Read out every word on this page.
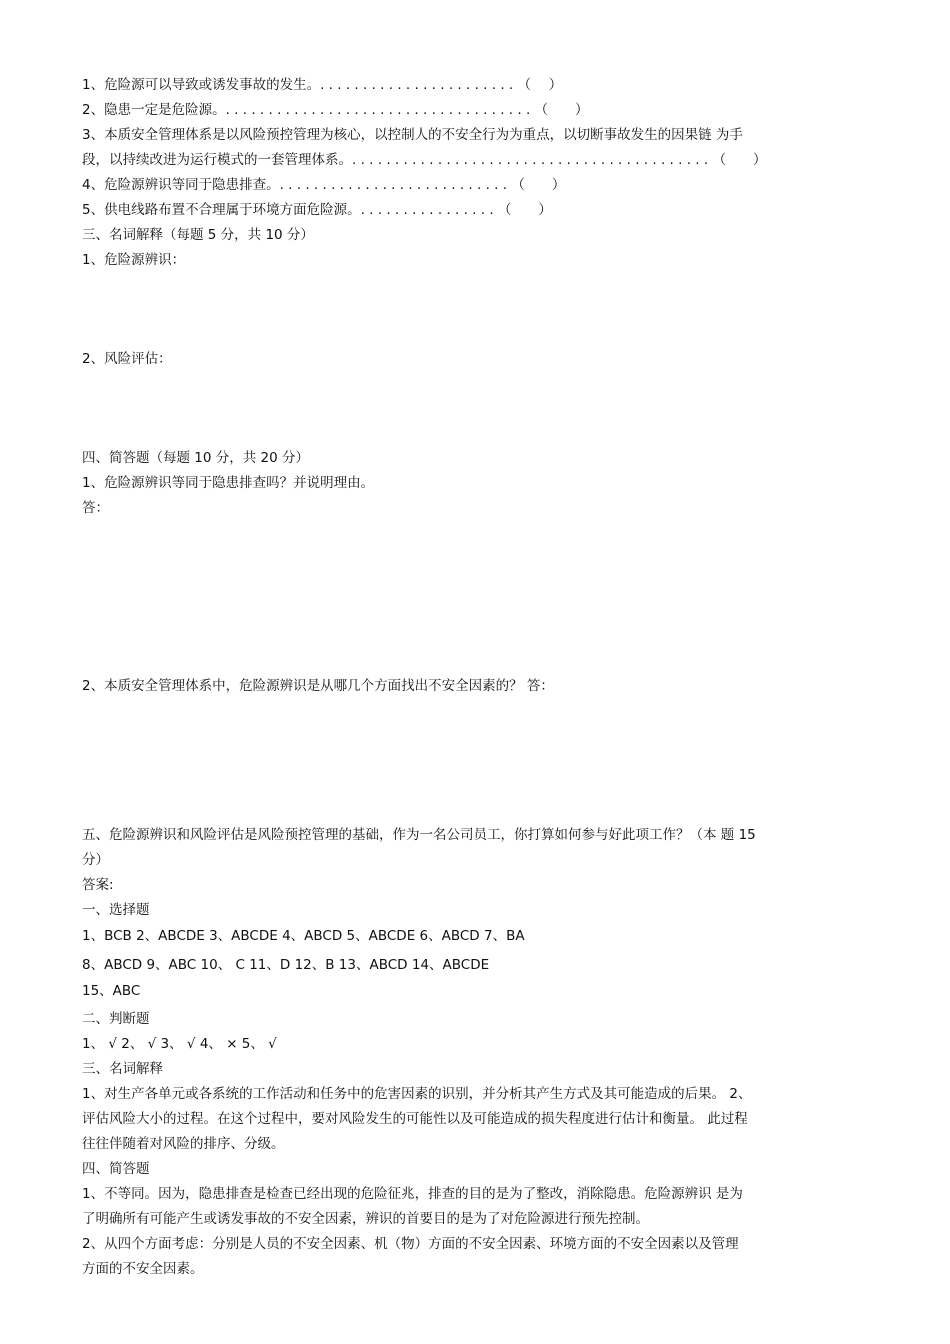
1、危险源可以导致或诱发事故的发生。. . . . . . . . . . . . . . . . . . . . . . . （　 ）
2、隐患一定是危险源。. . . . . . . . . . . . . . . . . . . . . . . . . . . . . . . . . . . . （　　）
3、本质安全管理体系是以风险预控管理为核心，以控制人的不安全行为为重点，以切断事故发生的因果链 为手
段，以持续改进为运行模式的一套管理体系。. . . . . . . . . . . . . . . . . . . . . . . . . . . . . . . . . . . . . . . . . . （　　）
4、危险源辨识等同于隐患排查。. . . . . . . . . . . . . . . . . . . . . . . . . . . （　　）
5、供电线路布置不合理属于环境方面危险源。. . . . . . . . . . . . . . . . （　　）
三、名词解释（每题 5 分，共 10 分）
1、危险源辨识：
2、风险评估：
四、简答题（每题 10 分，共 20 分）
1、危险源辨识等同于隐患排查吗？并说明理由。
答：
2、本质安全管理体系中，危险源辨识是从哪几个方面找出不安全因素的？ 答：
五、危险源辨识和风险评估是风险预控管理的基础，作为一名公司员工，你打算如何参与好此项工作？（本 题 15
分）
答案:
一、选择题
1、BCB 2、ABCDE 3、ABCDE 4、ABCD 5、ABCDE 6、ABCD 7、BA
8、ABCD 9、ABC 10、 C 11、D 12、B 13、ABCD 14、ABCDE
15、ABC
二、判断题
1、 √ 2、 √ 3、 √ 4、 × 5、 √
三、名词解释
1、对生产各单元或各系统的工作活动和任务中的危害因素的识别，并分析其产生方式及其可能造成的后果。 2、
评估风险大小的过程。在这个过程中，要对风险发生的可能性以及可能造成的损失程度进行估计和衡量。 此过程
往往伴随着对风险的排序、分级。
四、简答题
1、不等同。因为，隐患排查是检查已经出现的危险征兆，排查的目的是为了整改，消除隐患。危险源辨识 是为
了明确所有可能产生或诱发事故的不安全因素，辨识的首要目的是为了对危险源进行预先控制。
2、从四个方面考虑：分别是人员的不安全因素、机（物）方面的不安全因素、环境方面的不安全因素以及管理
方面的不安全因素。
